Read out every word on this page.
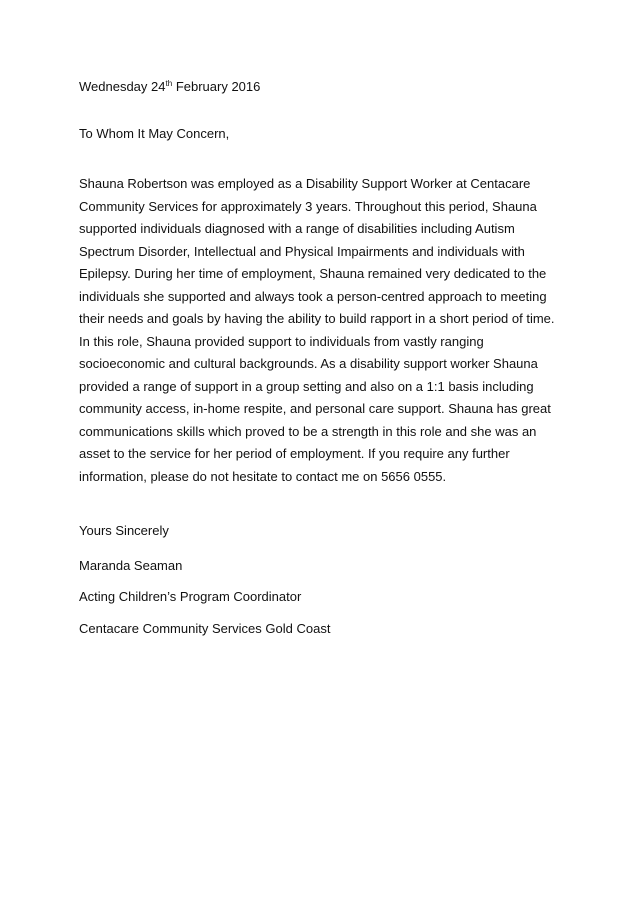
Wednesday 24th February 2016
To Whom It May Concern,
Shauna Robertson was employed as a Disability Support Worker at Centacare
Community Services for approximately 3 years. Throughout this period, Shauna
supported individuals diagnosed with a range of disabilities including Autism
Spectrum Disorder, Intellectual and Physical Impairments and individuals with
Epilepsy. During her time of employment, Shauna remained very dedicated to the
individuals she supported and always took a person-centred approach to meeting
their needs and goals by having the ability to build rapport in a short period of time.
In this role, Shauna provided support to individuals from vastly ranging
socioeconomic and cultural backgrounds. As a disability support worker Shauna
provided a range of support in a group setting and also on a 1:1 basis including
community access, in-home respite, and personal care support. Shauna has great
communications skills which proved to be a strength in this role and she was an
asset to the service for her period of employment. If you require any further
information, please do not hesitate to contact me on 5656 0555.
Yours Sincerely
Maranda Seaman
Acting Children’s Program Coordinator
Centacare Community Services Gold Coast
